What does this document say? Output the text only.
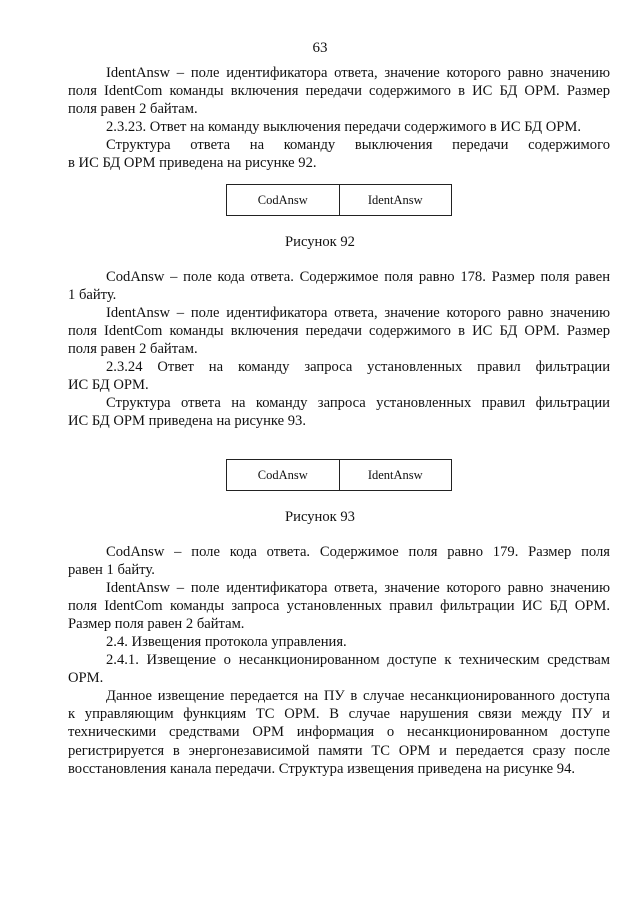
63
IdentAnsw – поле идентификатора ответа, значение которого равно значению
поля IdentCom команды включения передачи содержимого в ИС БД ОРМ. Размер
поля равен 2 байтам.
2.3.23. Ответ на команду выключения передачи содержимого в ИС БД ОРМ.
Структура ответа на команду выключения передачи содержимого
в ИС БД ОРМ приведена на рисунке 92.
CodAnsw	IdentAnsw
Рисунок 92
CodAnsw – поле кода ответа. Содержимое поля равно 178. Размер поля равен
1 байту.
IdentAnsw – поле идентификатора ответа, значение которого равно значению
поля IdentCom команды включения передачи содержимого в ИС БД ОРМ. Размер
поля равен 2 байтам.
2.3.24 Ответ на команду запроса установленных правил фильтрации
ИС БД ОРМ.
Структура ответа на команду запроса установленных правил фильтрации
ИС БД ОРМ приведена на рисунке 93.
CodAnsw	IdentAnsw
Рисунок 93
CodAnsw – поле кода ответа. Содержимое поля равно 179. Размер поля
равен 1 байту.
IdentAnsw – поле идентификатора ответа, значение которого равно значению
поля IdentCom команды запроса установленных правил фильтрации ИС БД ОРМ.
Размер поля равен 2 байтам.
2.4. Извещения протокола управления.
2.4.1. Извещение о несанкционированном доступе к техническим средствам
ОРМ.
Данное извещение передается на ПУ в случае несанкционированного доступа
к управляющим функциям ТС ОРМ. В случае нарушения связи между ПУ и
техническими средствами ОРМ информация о несанкционированном доступе
регистрируется в энергонезависимой памяти ТС ОРМ и передается сразу после
восстановления канала передачи. Структура извещения приведена на рисунке 94.
